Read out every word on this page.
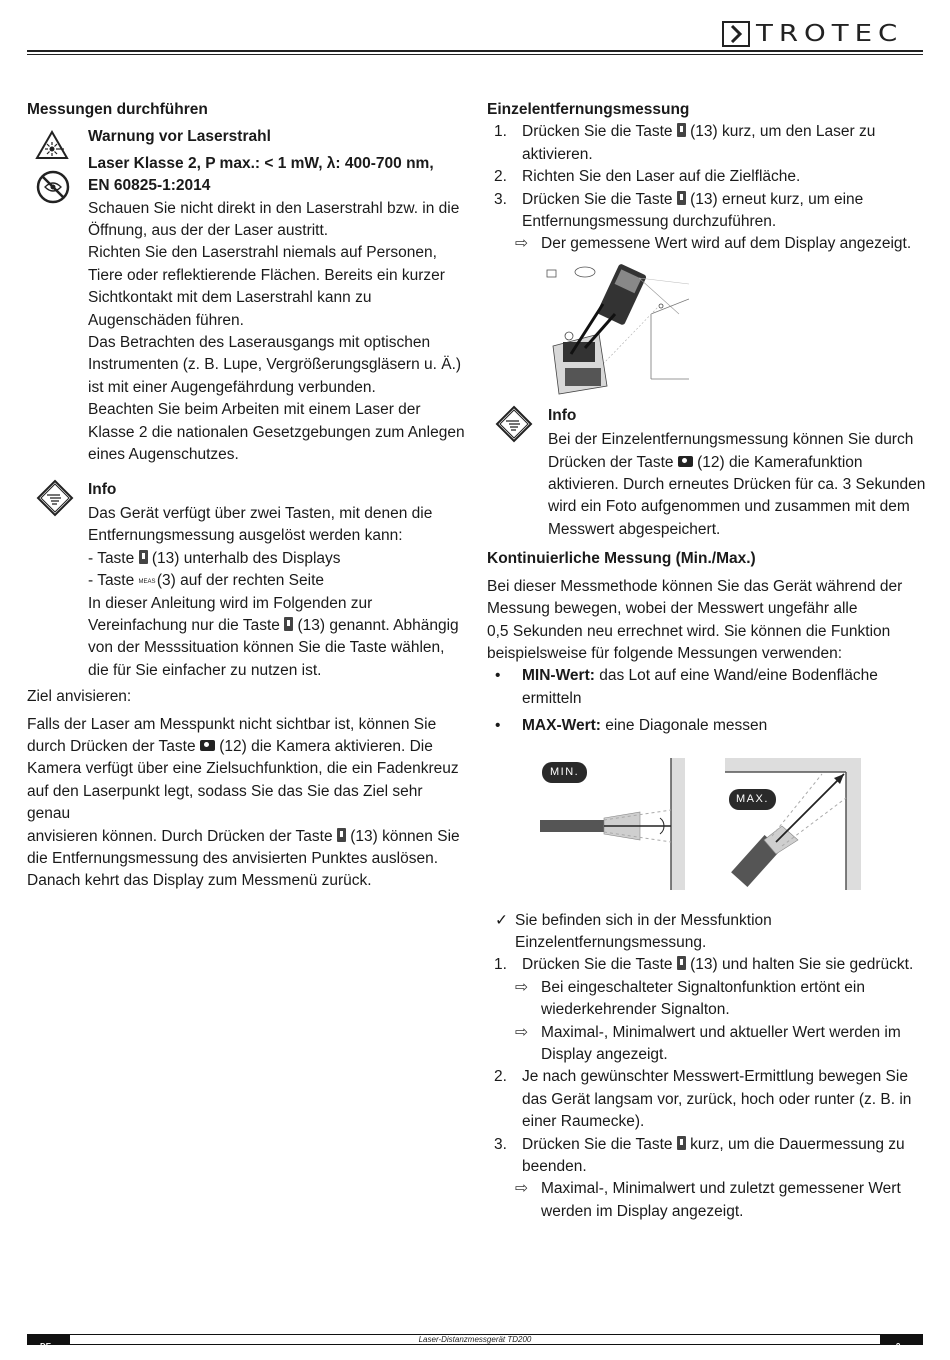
TROTEC
Messungen durchführen

Warnung vor Laserstrahl

Laser Klasse 2, P max.: < 1 mW, λ: 400-700 nm,

EN 60825-1:2014

Schauen Sie nicht direkt in den Laserstrahl bzw. in die

Öffnung, aus der der Laser austritt.

Richten Sie den Laserstrahl niemals auf Personen,

Tiere oder reflektierende Flächen. Bereits ein kurzer

Sichtkontakt mit dem Laserstrahl kann zu

Augenschäden führen.

Das Betrachten des Laserausgangs mit optischen

Instrumenten (z. B. Lupe, Vergrößerungsgläsern u. Ä.)

ist mit einer Augengefährdung verbunden.

Beachten Sie beim Arbeiten mit einem Laser der

Klasse 2 die nationalen Gesetzgebungen zum Anlegen

eines Augenschutzes.

Info

Das Gerät verfügt über zwei Tasten, mit denen die

Entfernungsmessung ausgelöst werden kann:

- Taste  (13) unterhalb des Displays

- Taste MEAS (3) auf der rechten Seite

In dieser Anleitung wird im Folgenden zur

Vereinfachung nur die Taste  (13) genannt. Abhängig

von der Messsituation können Sie die Taste wählen,

die für Sie einfacher zu nutzen ist.

Ziel anvisieren:

Falls der Laser am Messpunkt nicht sichtbar ist, können Sie

durch Drücken der Taste  (12) die Kamera aktivieren. Die

Kamera verfügt über eine Zielsuchfunktion, die ein Fadenkreuz

auf den Laserpunkt legt, sodass Sie das Sie das Ziel sehr genau

anvisieren können. Durch Drücken der Taste  (13) können Sie

die Entfernungsmessung des anvisierten Punktes auslösen.

Danach kehrt das Display zum Messmenü zurück.

Einzelentfernungsmessung
1. Drücken Sie die Taste  (13) kurz, um den Laser zu
aktivieren.
2. Richten Sie den Laser auf die Zielfläche.
3. Drücken Sie die Taste  (13) erneut kurz, um eine
Entfernungsmessung durchzuführen.
⇨ Der gemessene Wert wird auf dem Display angezeigt.

Info

Bei der Einzelentfernungsmessung können Sie durch

Drücken der Taste  (12) die Kamerafunktion

aktivieren. Durch erneutes Drücken für ca. 3 Sekunden

wird ein Foto aufgenommen und zusammen mit dem

Messwert abgespeichert.

Kontinuierliche Messung (Min./Max.)

Bei dieser Messmethode können Sie das Gerät während der

Messung bewegen, wobei der Messwert ungefähr alle

0,5 Sekunden neu errechnet wird. Sie können die Funktion

beispielsweise für folgende Messungen verwenden:

•	MIN-Wert: das Lot auf eine Wand/eine Bodenfläche
ermitteln
•	MAX-Wert: eine Diagonale messen
MIN.
MAX.
✓ Sie befinden sich in der Messfunktion
Einzelentfernungsmessung.
1. Drücken Sie die Taste  (13) und halten Sie sie gedrückt.
⇨ Bei eingeschalteter Signaltonfunktion ertönt ein
wiederkehrender Signalton.
⇨ Maximal-, Minimalwert und aktueller Wert werden im
Display angezeigt.
2. Je nach gewünschter Messwert-Ermittlung bewegen Sie
das Gerät langsam vor, zurück, hoch oder runter (z. B. in
einer Raumecke).
3. Drücken Sie die Taste  kurz, um die Dauermessung zu
beenden.
⇨ Maximal-, Minimalwert und zuletzt gemessener Wert
werden im Display angezeigt.
DE
Laser-Distanzmessgerät TD200
9
